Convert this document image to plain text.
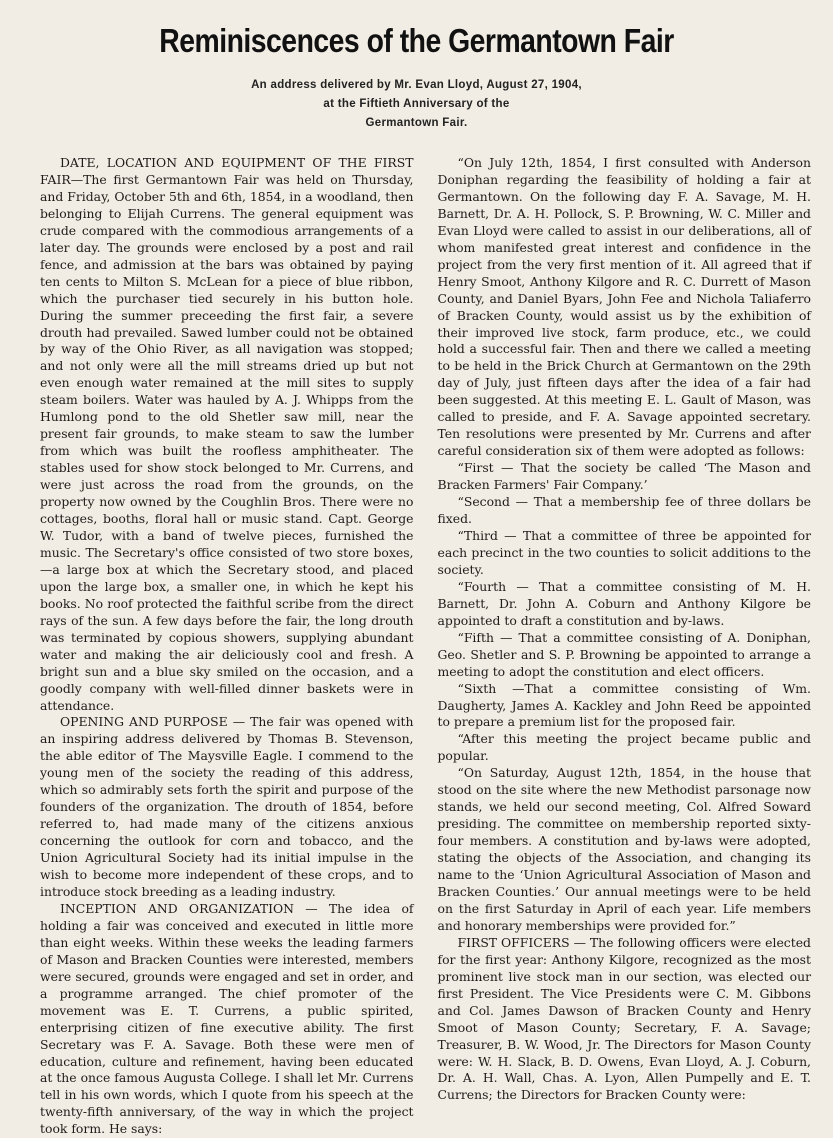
Reminiscences of the Germantown Fair
An address delivered by Mr. Evan Lloyd, August 27, 1904,
at the Fiftieth Anniversary of the
Germantown Fair.

DATE, LOCATION AND EQUIPMENT OF THE FIRST FAIR—The first Germantown Fair was held on Thursday, and Friday, October 5th and 6th, 1854, in a woodland, then belonging to Elijah Currens. The general equipment was crude compared with the commodious arrangements of a later day. The grounds were enclosed by a post and rail fence, and admission at the bars was obtained by paying ten cents to Milton S. McLean for a piece of blue ribbon, which the purchaser tied securely in his button hole. During the summer preceeding the first fair, a severe drouth had prevailed. Sawed lumber could not be obtained by way of the Ohio River, as all navigation was stopped; and not only were all the mill streams dried up but not even enough water remained at the mill sites to supply steam boilers. Water was hauled by A. J. Whipps from the Humlong pond to the old Shetler saw mill, near the present fair grounds, to make steam to saw the lumber from which was built the roofless amphitheater. The stables used for show stock belonged to Mr. Currens, and were just across the road from the grounds, on the property now owned by the Coughlin Bros. There were no cottages, booths, floral hall or music stand. Capt. George W. Tudor, with a band of twelve pieces, furnished the music. The Secretary's office consisted of two store boxes,—a large box at which the Secretary stood, and placed upon the large box, a smaller one, in which he kept his books. No roof protected the faithful scribe from the direct rays of the sun. A few days before the fair, the long drouth was terminated by copious showers, supplying abundant water and making the air deliciously cool and fresh. A bright sun and a blue sky smiled on the occasion, and a goodly company with well-filled dinner baskets were in attendance.

OPENING AND PURPOSE — The fair was opened with an inspiring address delivered by Thomas B. Stevenson, the able editor of The Maysville Eagle. I commend to the young men of the society the reading of this address, which so admirably sets forth the spirit and purpose of the founders of the organization. The drouth of 1854, before referred to, had made many of the citizens anxious concerning the outlook for corn and tobacco, and the Union Agricultural Society had its initial impulse in the wish to become more independent of these crops, and to introduce stock breeding as a leading industry.

INCEPTION AND ORGANIZATION — The idea of holding a fair was conceived and executed in little more than eight weeks. Within these weeks the leading farmers of Mason and Bracken Counties were interested, members were secured, grounds were engaged and set in order, and a programme arranged. The chief promoter of the movement was E. T. Currens, a public spirited, enterprising citizen of fine executive ability. The first Secretary was F. A. Savage. Both these were men of education, culture and refinement, having been educated at the once famous Augusta College. I shall let Mr. Currens tell in his own words, which I quote from his speech at the twenty-fifth anniversary, of the way in which the project took form. He says:

“On July 12th, 1854, I first consulted with Anderson Doniphan regarding the feasibility of holding a fair at Germantown. On the following day F. A. Savage, M. H. Barnett, Dr. A. H. Pollock, S. P. Browning, W. C. Miller and Evan Lloyd were called to assist in our deliberations, all of whom manifested great interest and confidence in the project from the very first mention of it. All agreed that if Henry Smoot, Anthony Kilgore and R. C. Durrett of Mason County, and Daniel Byars, John Fee and Nichola Taliaferro of Bracken County, would assist us by the exhibition of their improved live stock, farm produce, etc., we could hold a successful fair. Then and there we called a meeting to be held in the Brick Church at Germantown on the 29th day of July, just fifteen days after the idea of a fair had been suggested. At this meeting E. L. Gault of Mason, was called to preside, and F. A. Savage appointed secretary. Ten resolutions were presented by Mr. Currens and after careful consideration six of them were adopted as follows:

“First — That the society be called ‘The Mason and Bracken Farmers' Fair Company.’

“Second — That a membership fee of three dollars be fixed.

“Third — That a committee of three be appointed for each precinct in the two counties to solicit additions to the society.

“Fourth — That a committee consisting of M. H. Barnett, Dr. John A. Coburn and Anthony Kilgore be appointed to draft a constitution and by-laws.

“Fifth — That a committee consisting of A. Doniphan, Geo. Shetler and S. P. Browning be appointed to arrange a meeting to adopt the constitution and elect officers.

“Sixth —That a committee consisting of Wm. Daugherty, James A. Kackley and John Reed be appointed to prepare a premium list for the proposed fair.

“After this meeting the project became public and popular.

“On Saturday, August 12th, 1854, in the house that stood on the site where the new Methodist parsonage now stands, we held our second meeting, Col. Alfred Soward presiding. The committee on membership reported sixty-four members. A constitution and by-laws were adopted, stating the objects of the Association, and changing its name to the ‘Union Agricultural Association of Mason and Bracken Counties.’ Our annual meetings were to be held on the first Saturday in April of each year. Life members and honorary memberships were provided for.”

FIRST OFFICERS — The following officers were elected for the first year: Anthony Kilgore, recognized as the most prominent live stock man in our section, was elected our first President. The Vice Presidents were C. M. Gibbons and Col. James Dawson of Bracken County and Henry Smoot of Mason County; Secretary, F. A. Savage; Treasurer, B. W. Wood, Jr. The Directors for Mason County were: W. H. Slack, B. D. Owens, Evan Lloyd, A. J. Coburn, Dr. A. H. Wall, Chas. A. Lyon, Allen Pumpelly and E. T. Currens; the Directors for Bracken County were:
